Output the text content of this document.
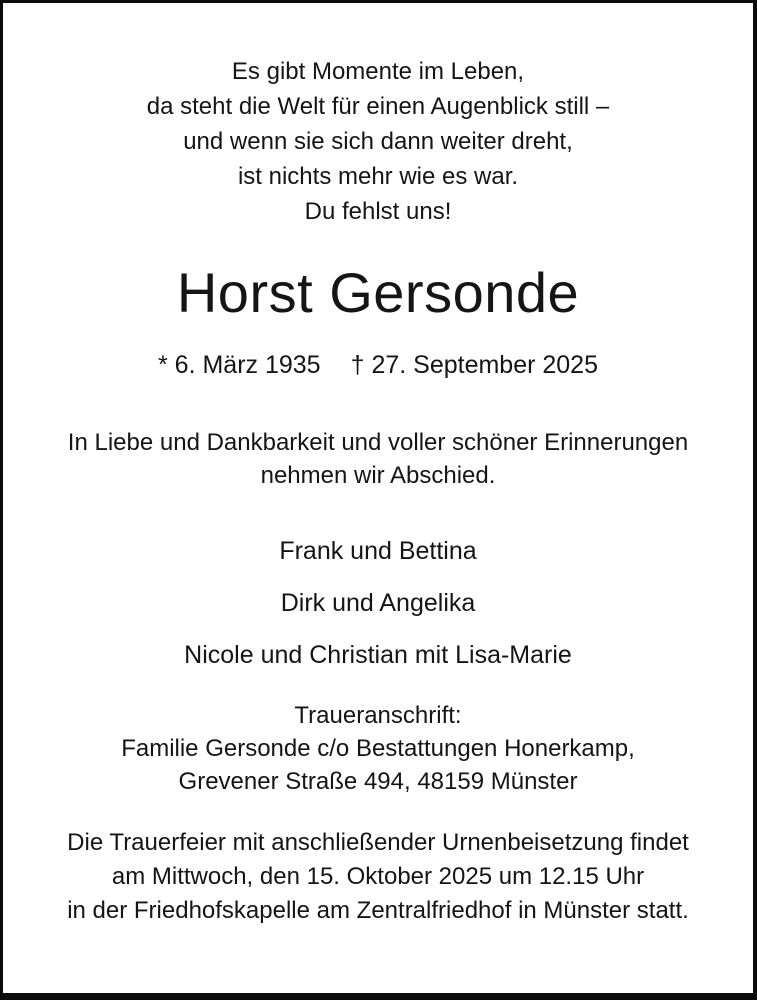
Es gibt Momente im Leben,
da steht die Welt für einen Augenblick still –
und wenn sie sich dann weiter dreht,
ist nichts mehr wie es war.
Du fehlst uns!
Horst Gersonde
* 6. März 1935 † 27. September 2025
In Liebe und Dankbarkeit und voller schöner Erinnerungen
nehmen wir Abschied.
Frank und Bettina
Dirk und Angelika
Nicole und Christian mit Lisa-Marie
Traueranschrift:
Familie Gersonde c/o Bestattungen Honerkamp,
Grevener Straße 494, 48159 Münster
Die Trauerfeier mit anschließender Urnenbeisetzung findet
am Mittwoch, den 15. Oktober 2025 um 12.15 Uhr
in der Friedhofskapelle am Zentralfriedhof in Münster statt.
